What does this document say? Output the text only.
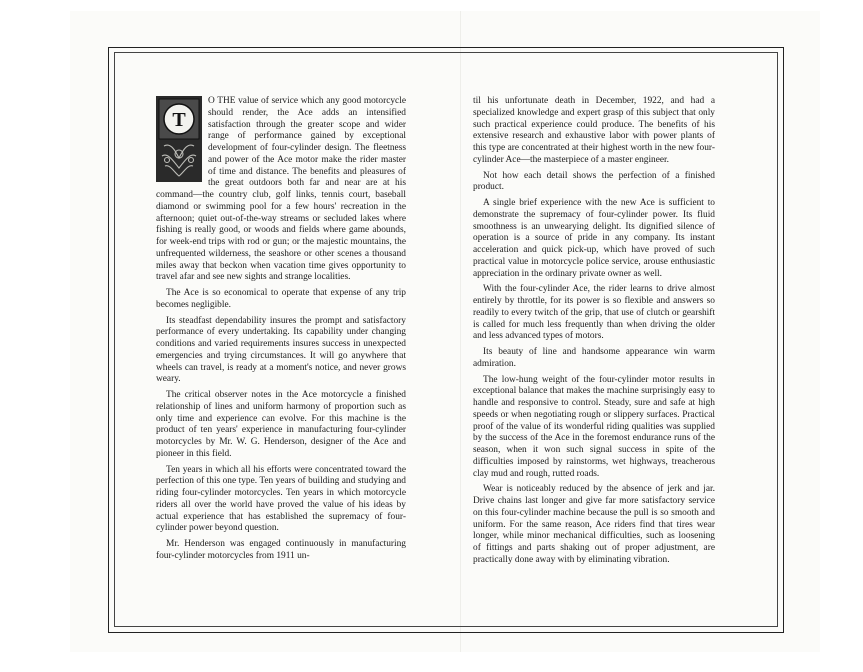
T

O THE value of service which any good motorcycle should render, the Ace adds an intensified satisfaction through the greater scope and wider range of performance gained by exceptional development of four-cylinder design. The fleetness and power of the Ace motor make the rider master of time and distance. The benefits and pleasures of the great outdoors both far and near are at his command—the country club, golf links, tennis court, baseball diamond or swimming pool for a few hours' recreation in the afternoon; quiet out-of-the-way streams or secluded lakes where fishing is really good, or woods and fields where game abounds, for week-end trips with rod or gun; or the majestic mountains, the unfrequented wilderness, the seashore or other scenes a thousand miles away that beckon when vacation time gives opportunity to travel afar and see new sights and strange localities.

The Ace is so economical to operate that expense of any trip becomes negligible.

Its steadfast dependability insures the prompt and satisfactory performance of every undertaking. Its capability under changing conditions and varied requirements insures success in unexpected emergencies and trying circumstances. It will go anywhere that wheels can travel, is ready at a moment's notice, and never grows weary.

The critical observer notes in the Ace motorcycle a finished relationship of lines and uniform harmony of proportion such as only time and experience can evolve. For this machine is the product of ten years' experience in manufacturing four-cylinder motorcycles by Mr. W. G. Henderson, designer of the Ace and pioneer in this field.

Ten years in which all his efforts were concentrated toward the perfection of this one type. Ten years of building and studying and riding four-cylinder motorcycles. Ten years in which motorcycle riders all over the world have proved the value of his ideas by actual experience that has established the supremacy of four-cylinder power beyond question.

Mr. Henderson was engaged continuously in manufacturing four-cylinder motorcycles from 1911 un-

til his unfortunate death in December, 1922, and had a specialized knowledge and expert grasp of this subject that only such practical experience could produce. The benefits of his extensive research and exhaustive labor with power plants of this type are concentrated at their highest worth in the new four-cylinder Ace—the masterpiece of a master engineer.

Not how each detail shows the perfection of a finished product.

A single brief experience with the new Ace is sufficient to demonstrate the supremacy of four-cylinder power. Its fluid smoothness is an unwearying delight. Its dignified silence of operation is a source of pride in any company. Its instant acceleration and quick pick-up, which have proved of such practical value in motorcycle police service, arouse enthusiastic appreciation in the ordinary private owner as well.

With the four-cylinder Ace, the rider learns to drive almost entirely by throttle, for its power is so flexible and answers so readily to every twitch of the grip, that use of clutch or gearshift is called for much less frequently than when driving the older and less advanced types of motors.

Its beauty of line and handsome appearance win warm admiration.

The low-hung weight of the four-cylinder motor results in exceptional balance that makes the machine surprisingly easy to handle and responsive to control. Steady, sure and safe at high speeds or when negotiating rough or slippery surfaces. Practical proof of the value of its wonderful riding qualities was supplied by the success of the Ace in the foremost endurance runs of the season, when it won such signal success in spite of the difficulties imposed by rainstorms, wet highways, treacherous clay mud and rough, rutted roads.

Wear is noticeably reduced by the absence of jerk and jar. Drive chains last longer and give far more satisfactory service on this four-cylinder machine because the pull is so smooth and uniform. For the same reason, Ace riders find that tires wear longer, while minor mechanical difficulties, such as loosening of fittings and parts shaking out of proper adjustment, are practically done away with by eliminating vibration.
